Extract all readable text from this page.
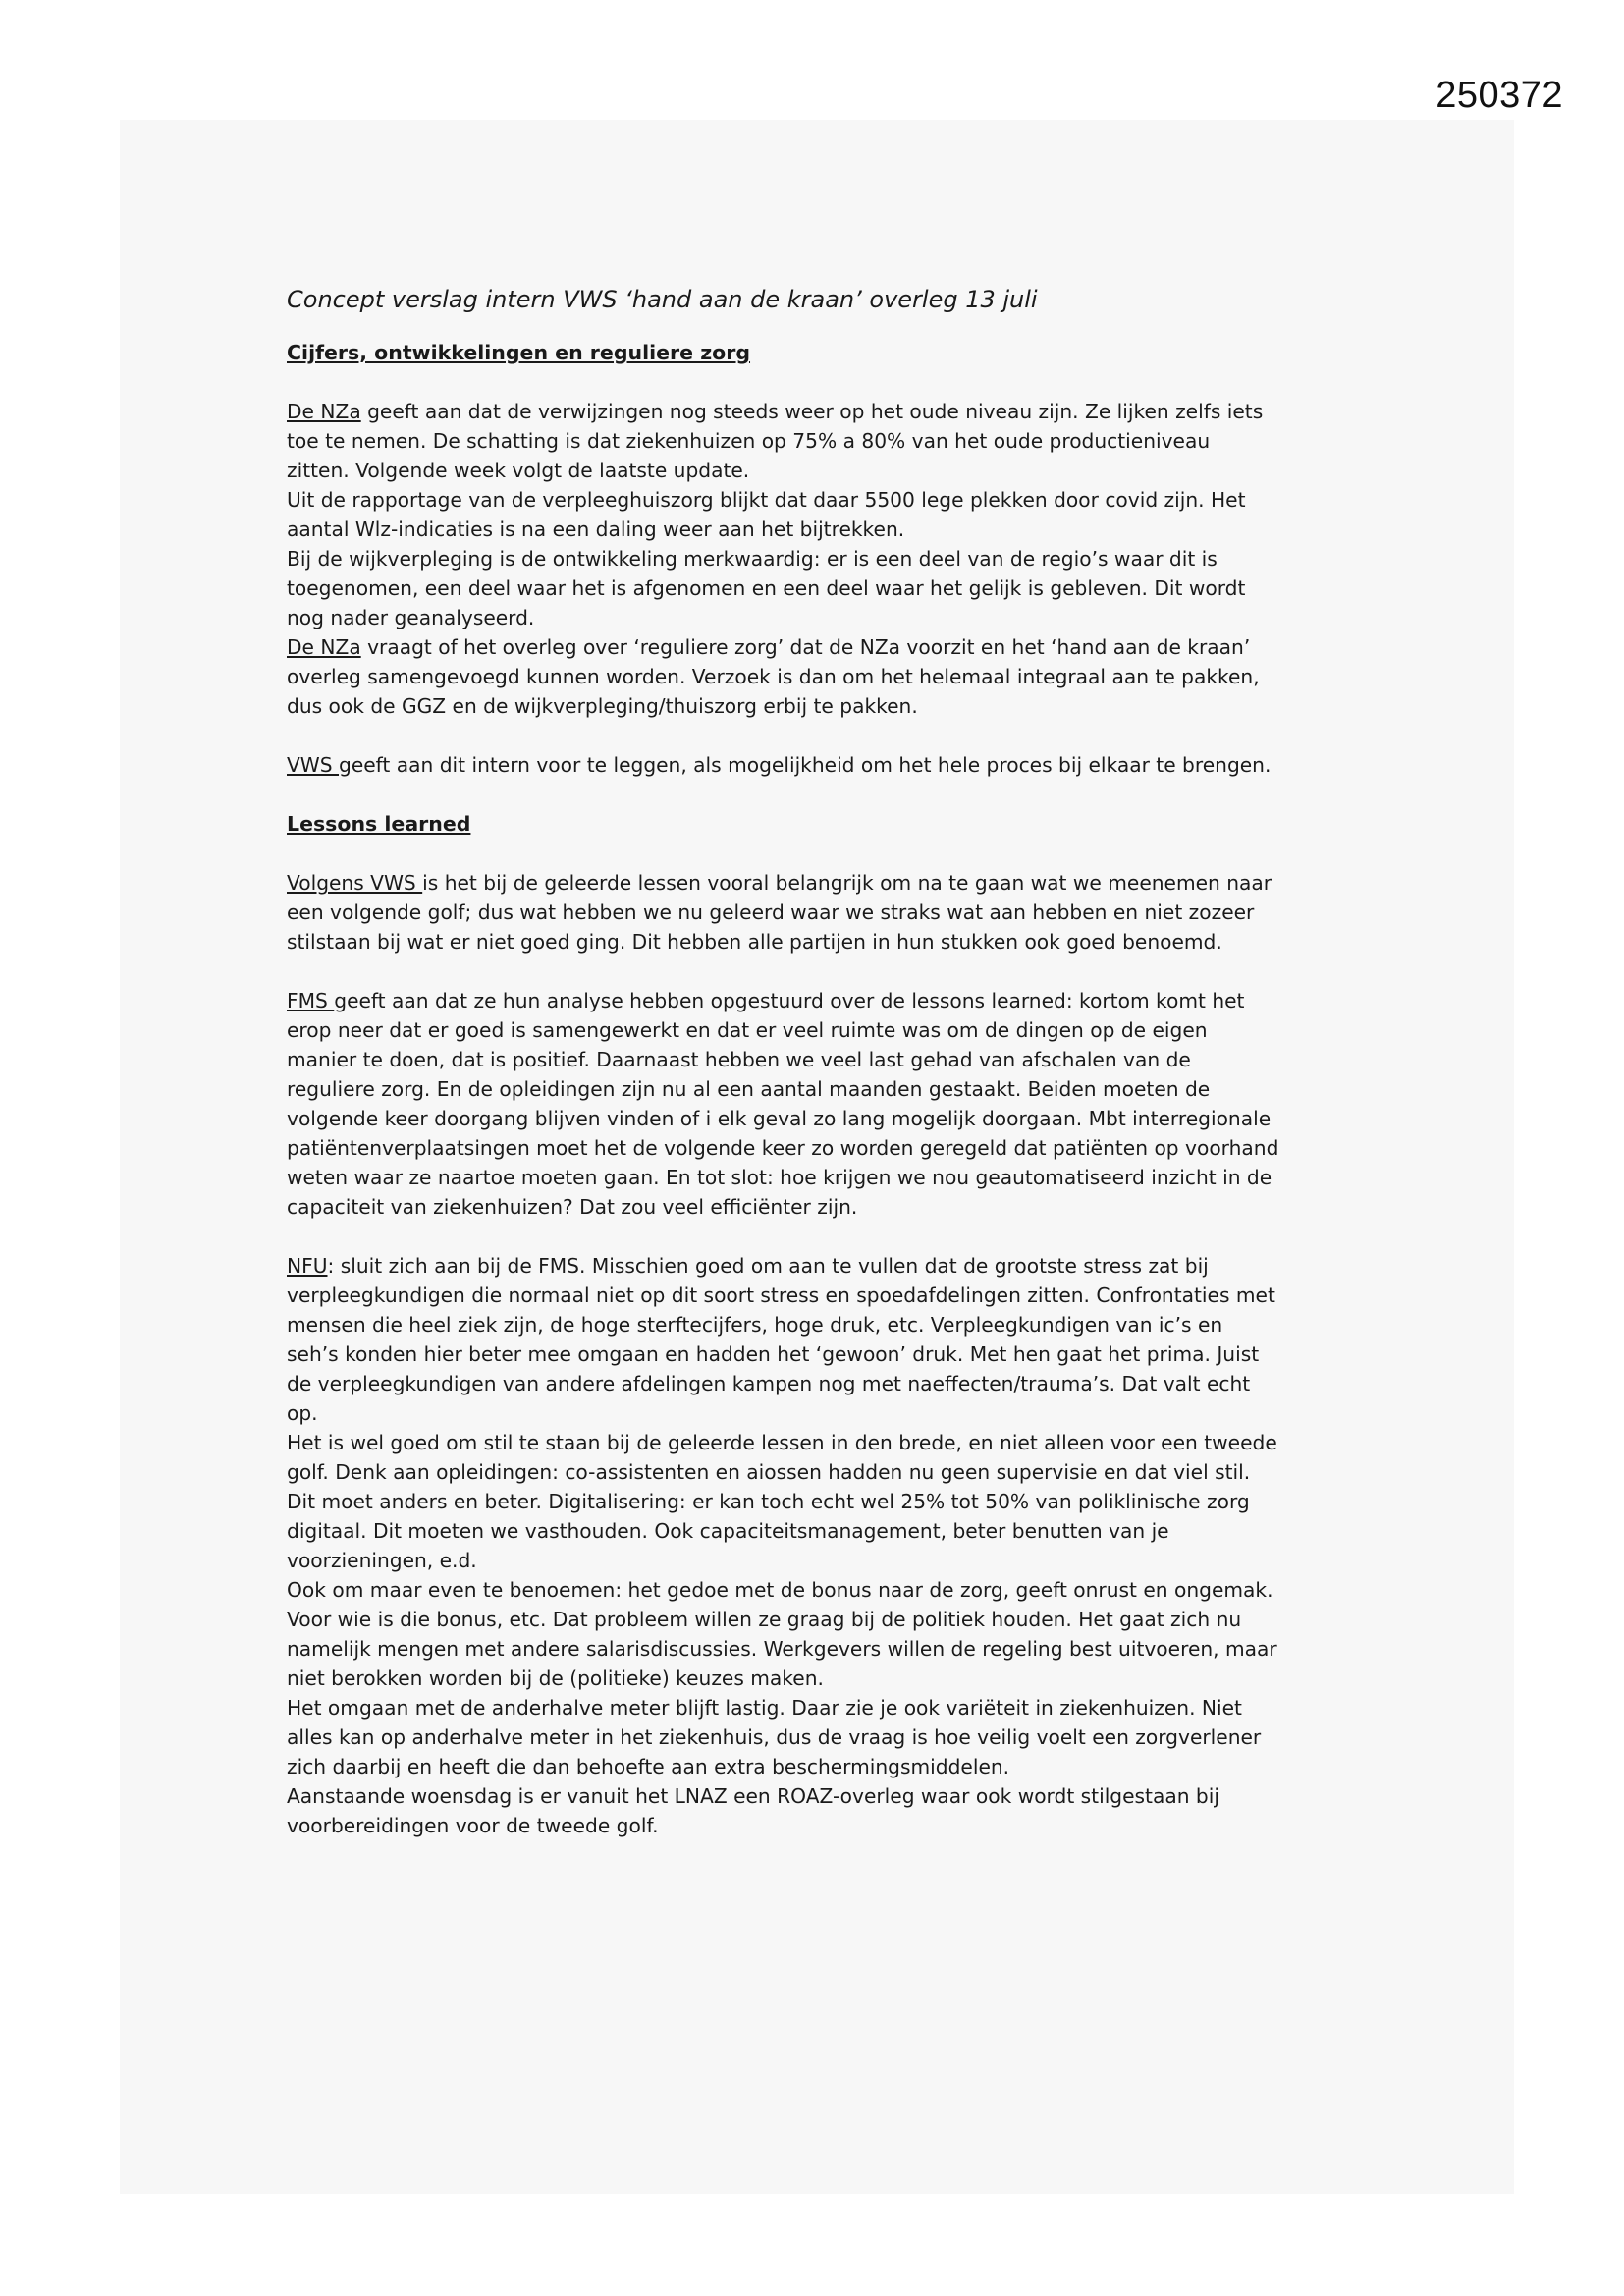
250372
Concept verslag intern VWS ‘hand aan de kraan’ overleg 13 juli
Cijfers, ontwikkelingen en reguliere zorg

De NZa geeft aan dat de verwijzingen nog steeds weer op het oude niveau zijn. Ze lijken zelfs iets
toe te nemen. De schatting is dat ziekenhuizen op 75% a 80% van het oude productieniveau
zitten. Volgende week volgt de laatste update.
Uit de rapportage van de verpleeghuiszorg blijkt dat daar 5500 lege plekken door covid zijn. Het
aantal Wlz-indicaties is na een daling weer aan het bijtrekken.
Bij de wijkverpleging is de ontwikkeling merkwaardig: er is een deel van de regio’s waar dit is
toegenomen, een deel waar het is afgenomen en een deel waar het gelijk is gebleven. Dit wordt
nog nader geanalyseerd.

De NZa vraagt of het overleg over ‘reguliere zorg’ dat de NZa voorzit en het ‘hand aan de kraan’
overleg samengevoegd kunnen worden. Verzoek is dan om het helemaal integraal aan te pakken,
dus ook de GGZ en de wijkverpleging/thuiszorg erbij te pakken.

VWS geeft aan dit intern voor te leggen, als mogelijkheid om het hele proces bij elkaar te brengen.

Lessons learned

Volgens VWS is het bij de geleerde lessen vooral belangrijk om na te gaan wat we meenemen naar
een volgende golf; dus wat hebben we nu geleerd waar we straks wat aan hebben en niet zozeer
stilstaan bij wat er niet goed ging. Dit hebben alle partijen in hun stukken ook goed benoemd.

FMS geeft aan dat ze hun analyse hebben opgestuurd over de lessons learned: kortom komt het
erop neer dat er goed is samengewerkt en dat er veel ruimte was om de dingen op de eigen
manier te doen, dat is positief. Daarnaast hebben we veel last gehad van afschalen van de
reguliere zorg. En de opleidingen zijn nu al een aantal maanden gestaakt. Beiden moeten de
volgende keer doorgang blijven vinden of i elk geval zo lang mogelijk doorgaan. Mbt interregionale
patiëntenverplaatsingen moet het de volgende keer zo worden geregeld dat patiënten op voorhand
weten waar ze naartoe moeten gaan. En tot slot: hoe krijgen we nou geautomatiseerd inzicht in de
capaciteit van ziekenhuizen? Dat zou veel efficiënter zijn.

NFU: sluit zich aan bij de FMS. Misschien goed om aan te vullen dat de grootste stress zat bij
verpleegkundigen die normaal niet op dit soort stress en spoedafdelingen zitten. Confrontaties met
mensen die heel ziek zijn, de hoge sterftecijfers, hoge druk, etc. Verpleegkundigen van ic’s en
seh’s konden hier beter mee omgaan en hadden het ‘gewoon’ druk. Met hen gaat het prima. Juist
de verpleegkundigen van andere afdelingen kampen nog met naeffecten/trauma’s. Dat valt echt
op.
Het is wel goed om stil te staan bij de geleerde lessen in den brede, en niet alleen voor een tweede
golf. Denk aan opleidingen: co-assistenten en aiossen hadden nu geen supervisie en dat viel stil.
Dit moet anders en beter. Digitalisering: er kan toch echt wel 25% tot 50% van poliklinische zorg
digitaal. Dit moeten we vasthouden. Ook capaciteitsmanagement, beter benutten van je
voorzieningen, e.d.
Ook om maar even te benoemen: het gedoe met de bonus naar de zorg, geeft onrust en ongemak.
Voor wie is die bonus, etc. Dat probleem willen ze graag bij de politiek houden. Het gaat zich nu
namelijk mengen met andere salarisdiscussies. Werkgevers willen de regeling best uitvoeren, maar
niet berokken worden bij de (politieke) keuzes maken.
Het omgaan met de anderhalve meter blijft lastig. Daar zie je ook variëteit in ziekenhuizen. Niet
alles kan op anderhalve meter in het ziekenhuis, dus de vraag is hoe veilig voelt een zorgverlener
zich daarbij en heeft die dan behoefte aan extra beschermingsmiddelen.
Aanstaande woensdag is er vanuit het LNAZ een ROAZ-overleg waar ook wordt stilgestaan bij
voorbereidingen voor de tweede golf.
